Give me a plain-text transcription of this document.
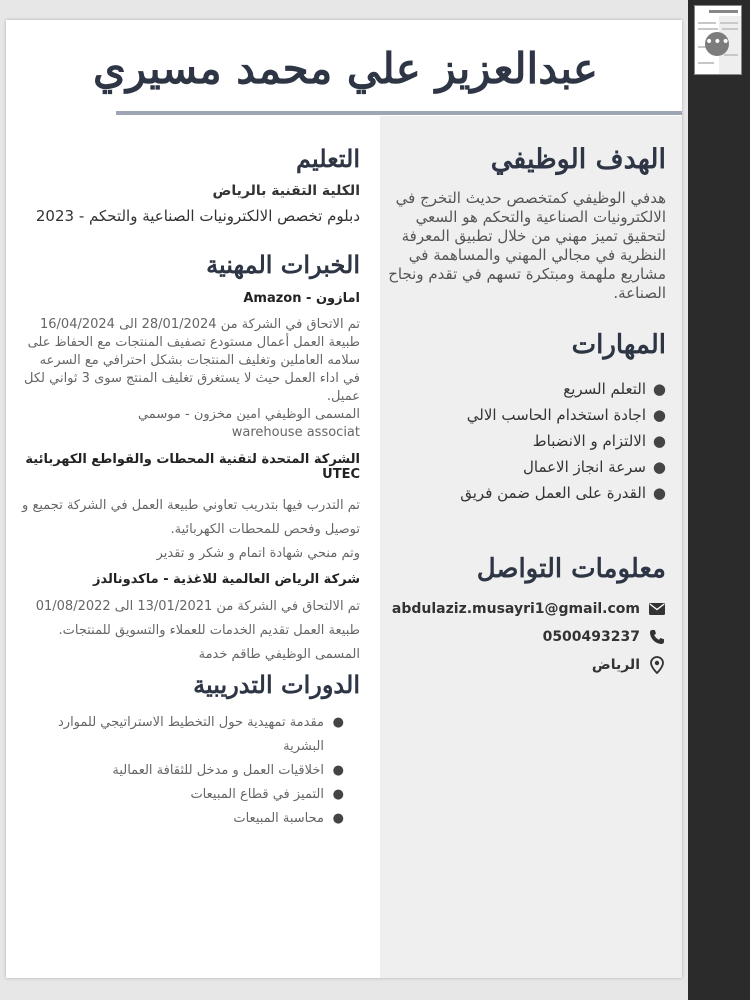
عبدالعزيز علي محمد مسيري
الهدف الوظيفي
هدفي الوظيفي كمتخصص حديث التخرج في الالكترونيات الصناعية والتحكم هو السعي لتحقيق تميز مهني من خلال تطبيق المعرفة النظرية في مجالي المهني والمساهمة في مشاريع ملهمة ومبتكرة تسهم في تقدم ونجاح الصناعة.
المهارات
● التعلم السريع
● اجادة استخدام الحاسب الالي
● الالتزام و الانضباط
● سرعة انجاز الاعمال
● القدرة على العمل ضمن فريق
معلومات التواصل
abdulaziz.musayri1@gmail.com
0500493237
الرياض
التعليم
الكلية التقنية بالرياض
دبلوم تخصص الالكترونيات الصناعية والتحكم - 2023
الخبرات المهنية
امازون - Amazon
تم الاتحاق في الشركة من 28/01/2024 الى 16/04/2024
طبيعة العمل أعمال مستودع تصفيف المنتجات مع الحفاظ على سلامه العاملين وتغليف المنتجات بشكل احترافي مع السرعه في اداء العمل حيث لا يستغرق تغليف المنتج سوى 3 ثواني لكل عميل.
المسمى الوظيفي امين مخزون - موسمي
warehouse associat
الشركة المتحدة لتقنية المحطات والقواطع الكهربائية UTEC
تم التدرب فيها بتدريب تعاوني طبيعة العمل في الشركة تجميع و توصيل وفحص للمحطات الكهربائية.
وتم منحي شهادة اتمام و شكر و تقدير
شركة الرياض العالمية للاغذية - ماكدونالدز
تم الالتحاق في الشركة من 13/01/2021 الى 01/08/2022
طبيعة العمل تقديم الخدمات للعملاء والتسويق للمنتجات.
المسمى الوظيفي طاقم خدمة
الدورات التدريبية
● مقدمة تمهيدية حول التخطيط الاستراتيجي للموارد البشرية
● اخلاقيات العمل و مدخل للثقافة العمالية
● التميز في قطاع المبيعات
● محاسبة المبيعات
•••
